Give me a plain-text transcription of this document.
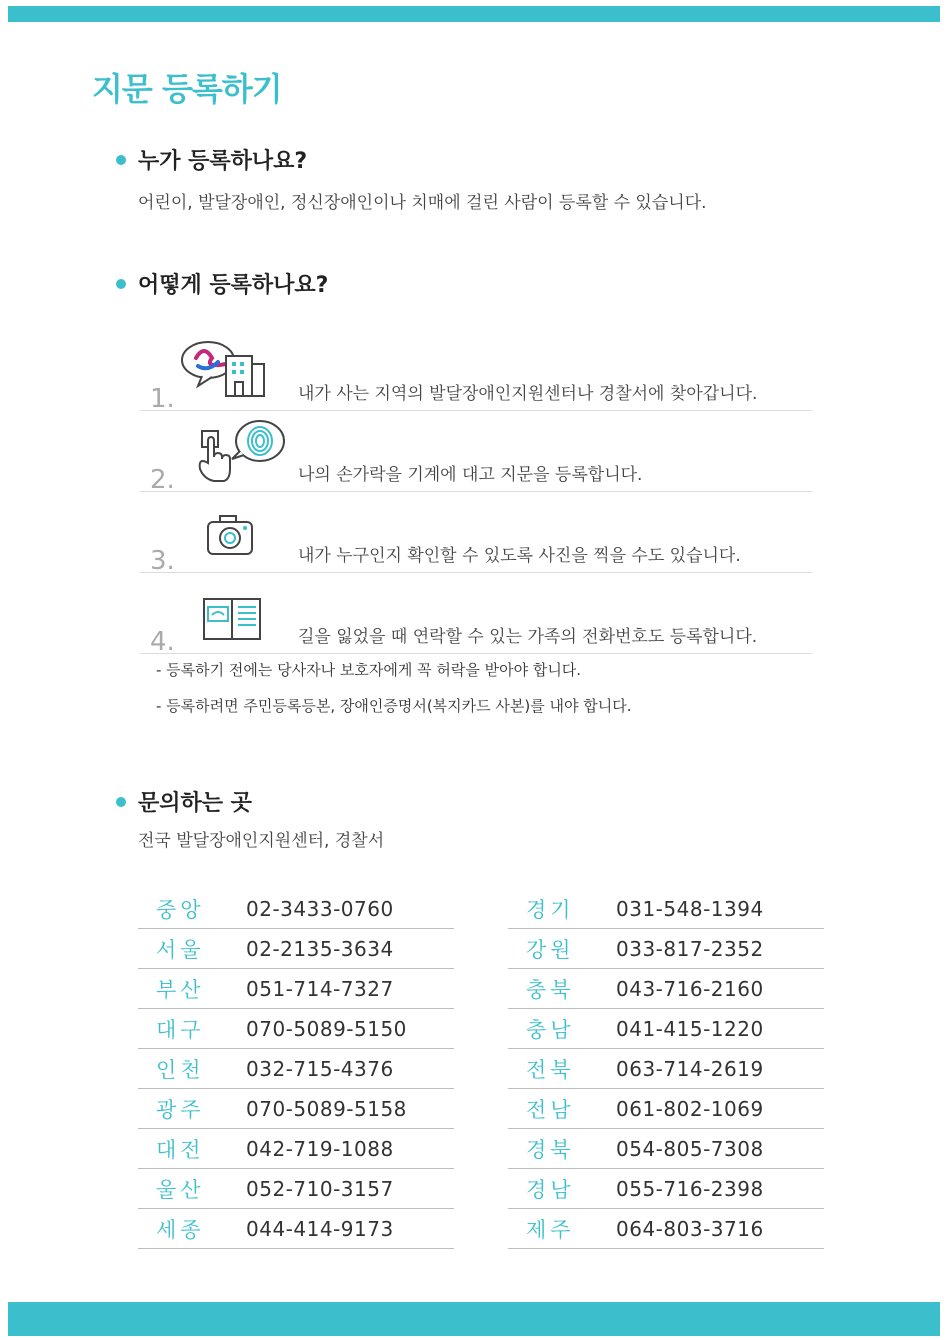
지문 등록하기
누가 등록하나요?

어린이, 발달장애인, 정신장애인이나 치매에 걸린 사람이 등록할 수 있습니다.

어떻게 등록하나요?
1.	내가 사는 지역의 발달장애인지원센터나 경찰서에 찾아갑니다.
2.	나의 손가락을 기계에 대고 지문을 등록합니다.
3.	내가 누구인지 확인할 수 있도록 사진을 찍을 수도 있습니다.
4.	길을 잃었을 때 연락할 수 있는 가족의 전화번호도 등록합니다.
- 등록하기 전에는 당사자나 보호자에게 꼭 허락을 받아야 합니다.
- 등록하려면 주민등록등본, 장애인증명서(복지카드 사본)를 내야 합니다.
문의하는 곳

전국 발달장애인지원센터, 경찰서

중앙	02-3433-0760
서울	02-2135-3634
부산	051-714-7327
대구	070-5089-5150
인천	032-715-4376
광주	070-5089-5158
대전	042-719-1088
울산	052-710-3157
세종	044-414-9173
경기	031-548-1394
강원	033-817-2352
충북	043-716-2160
충남	041-415-1220
전북	063-714-2619
전남	061-802-1069
경북	054-805-7308
경남	055-716-2398
제주	064-803-3716
